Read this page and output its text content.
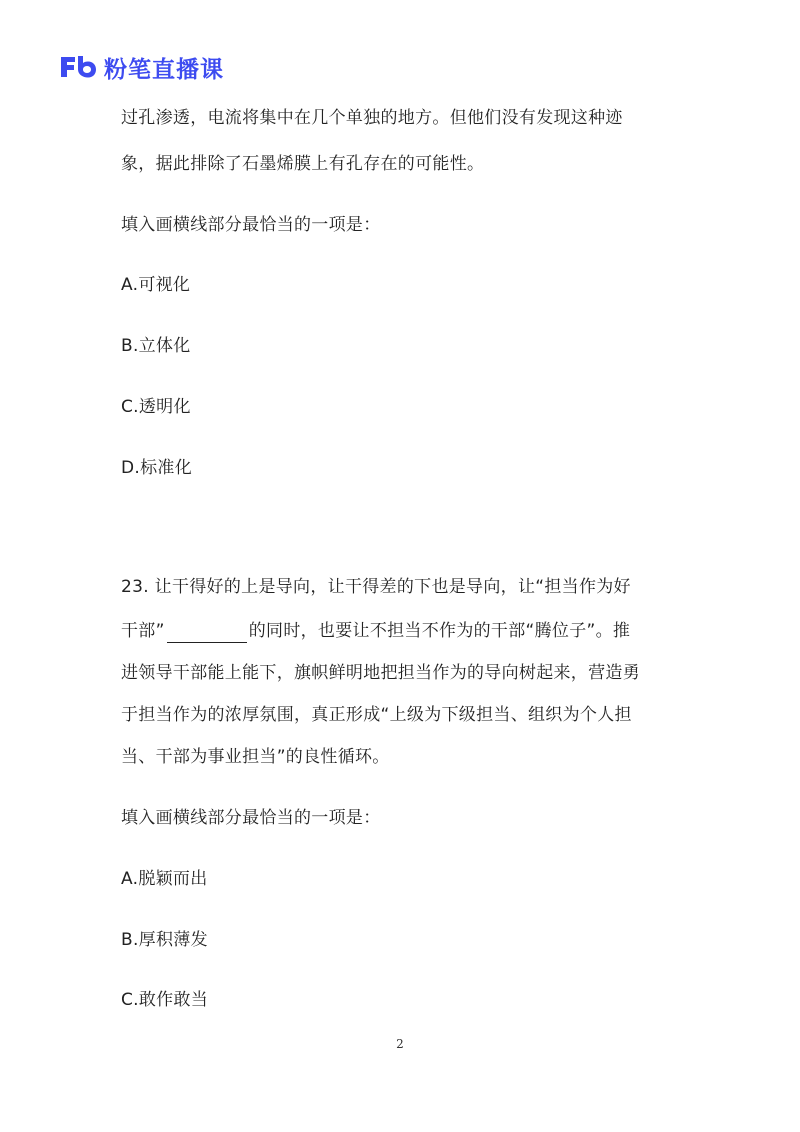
Fb
粉笔直播课
过孔渗透，电流将集中在几个单独的地方。但他们没有发现这种迹
象，据此排除了石墨烯膜上有孔存在的可能性。
填入画横线部分最恰当的一项是：
A.可视化
B.立体化
C.透明化
D.标准化
23. 让干得好的上是导向，让干得差的下也是导向，让“担当作为好
干部”	的同时，也要让不担当不作为的干部“腾位子”。推
进领导干部能上能下，旗帜鲜明地把担当作为的导向树起来，营造勇
于担当作为的浓厚氛围，真正形成“上级为下级担当、组织为个人担
当、干部为事业担当”的良性循环。
填入画横线部分最恰当的一项是：
A.脱颖而出
B.厚积薄发
C.敢作敢当
2
